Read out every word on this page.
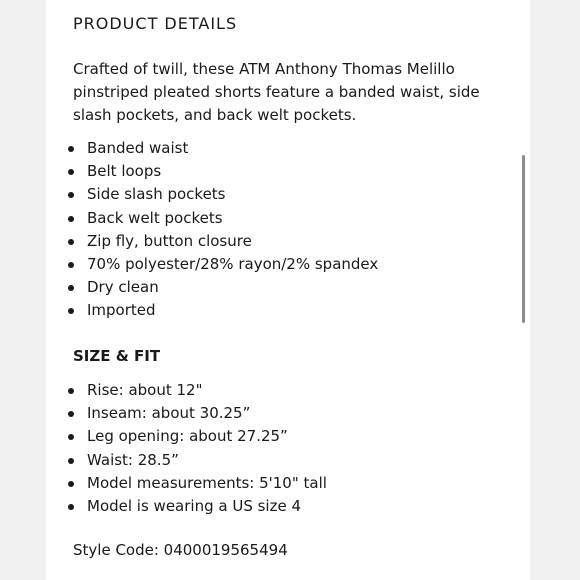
PRODUCT DETAILS

Crafted of twill, these ATM Anthony Thomas Melillo pinstriped pleated shorts feature a banded waist, side slash pockets, and back welt pockets.

Banded waist
Belt loops
Side slash pockets
Back welt pockets
Zip fly, button closure
70% polyester/28% rayon/2% spandex
Dry clean
Imported
SIZE & FIT
Rise: about 12"
Inseam: about 30.25”
Leg opening: about 27.25”
Waist: 28.5”
Model measurements: 5'10" tall
Model is wearing a US size 4

Style Code: 0400019565494
